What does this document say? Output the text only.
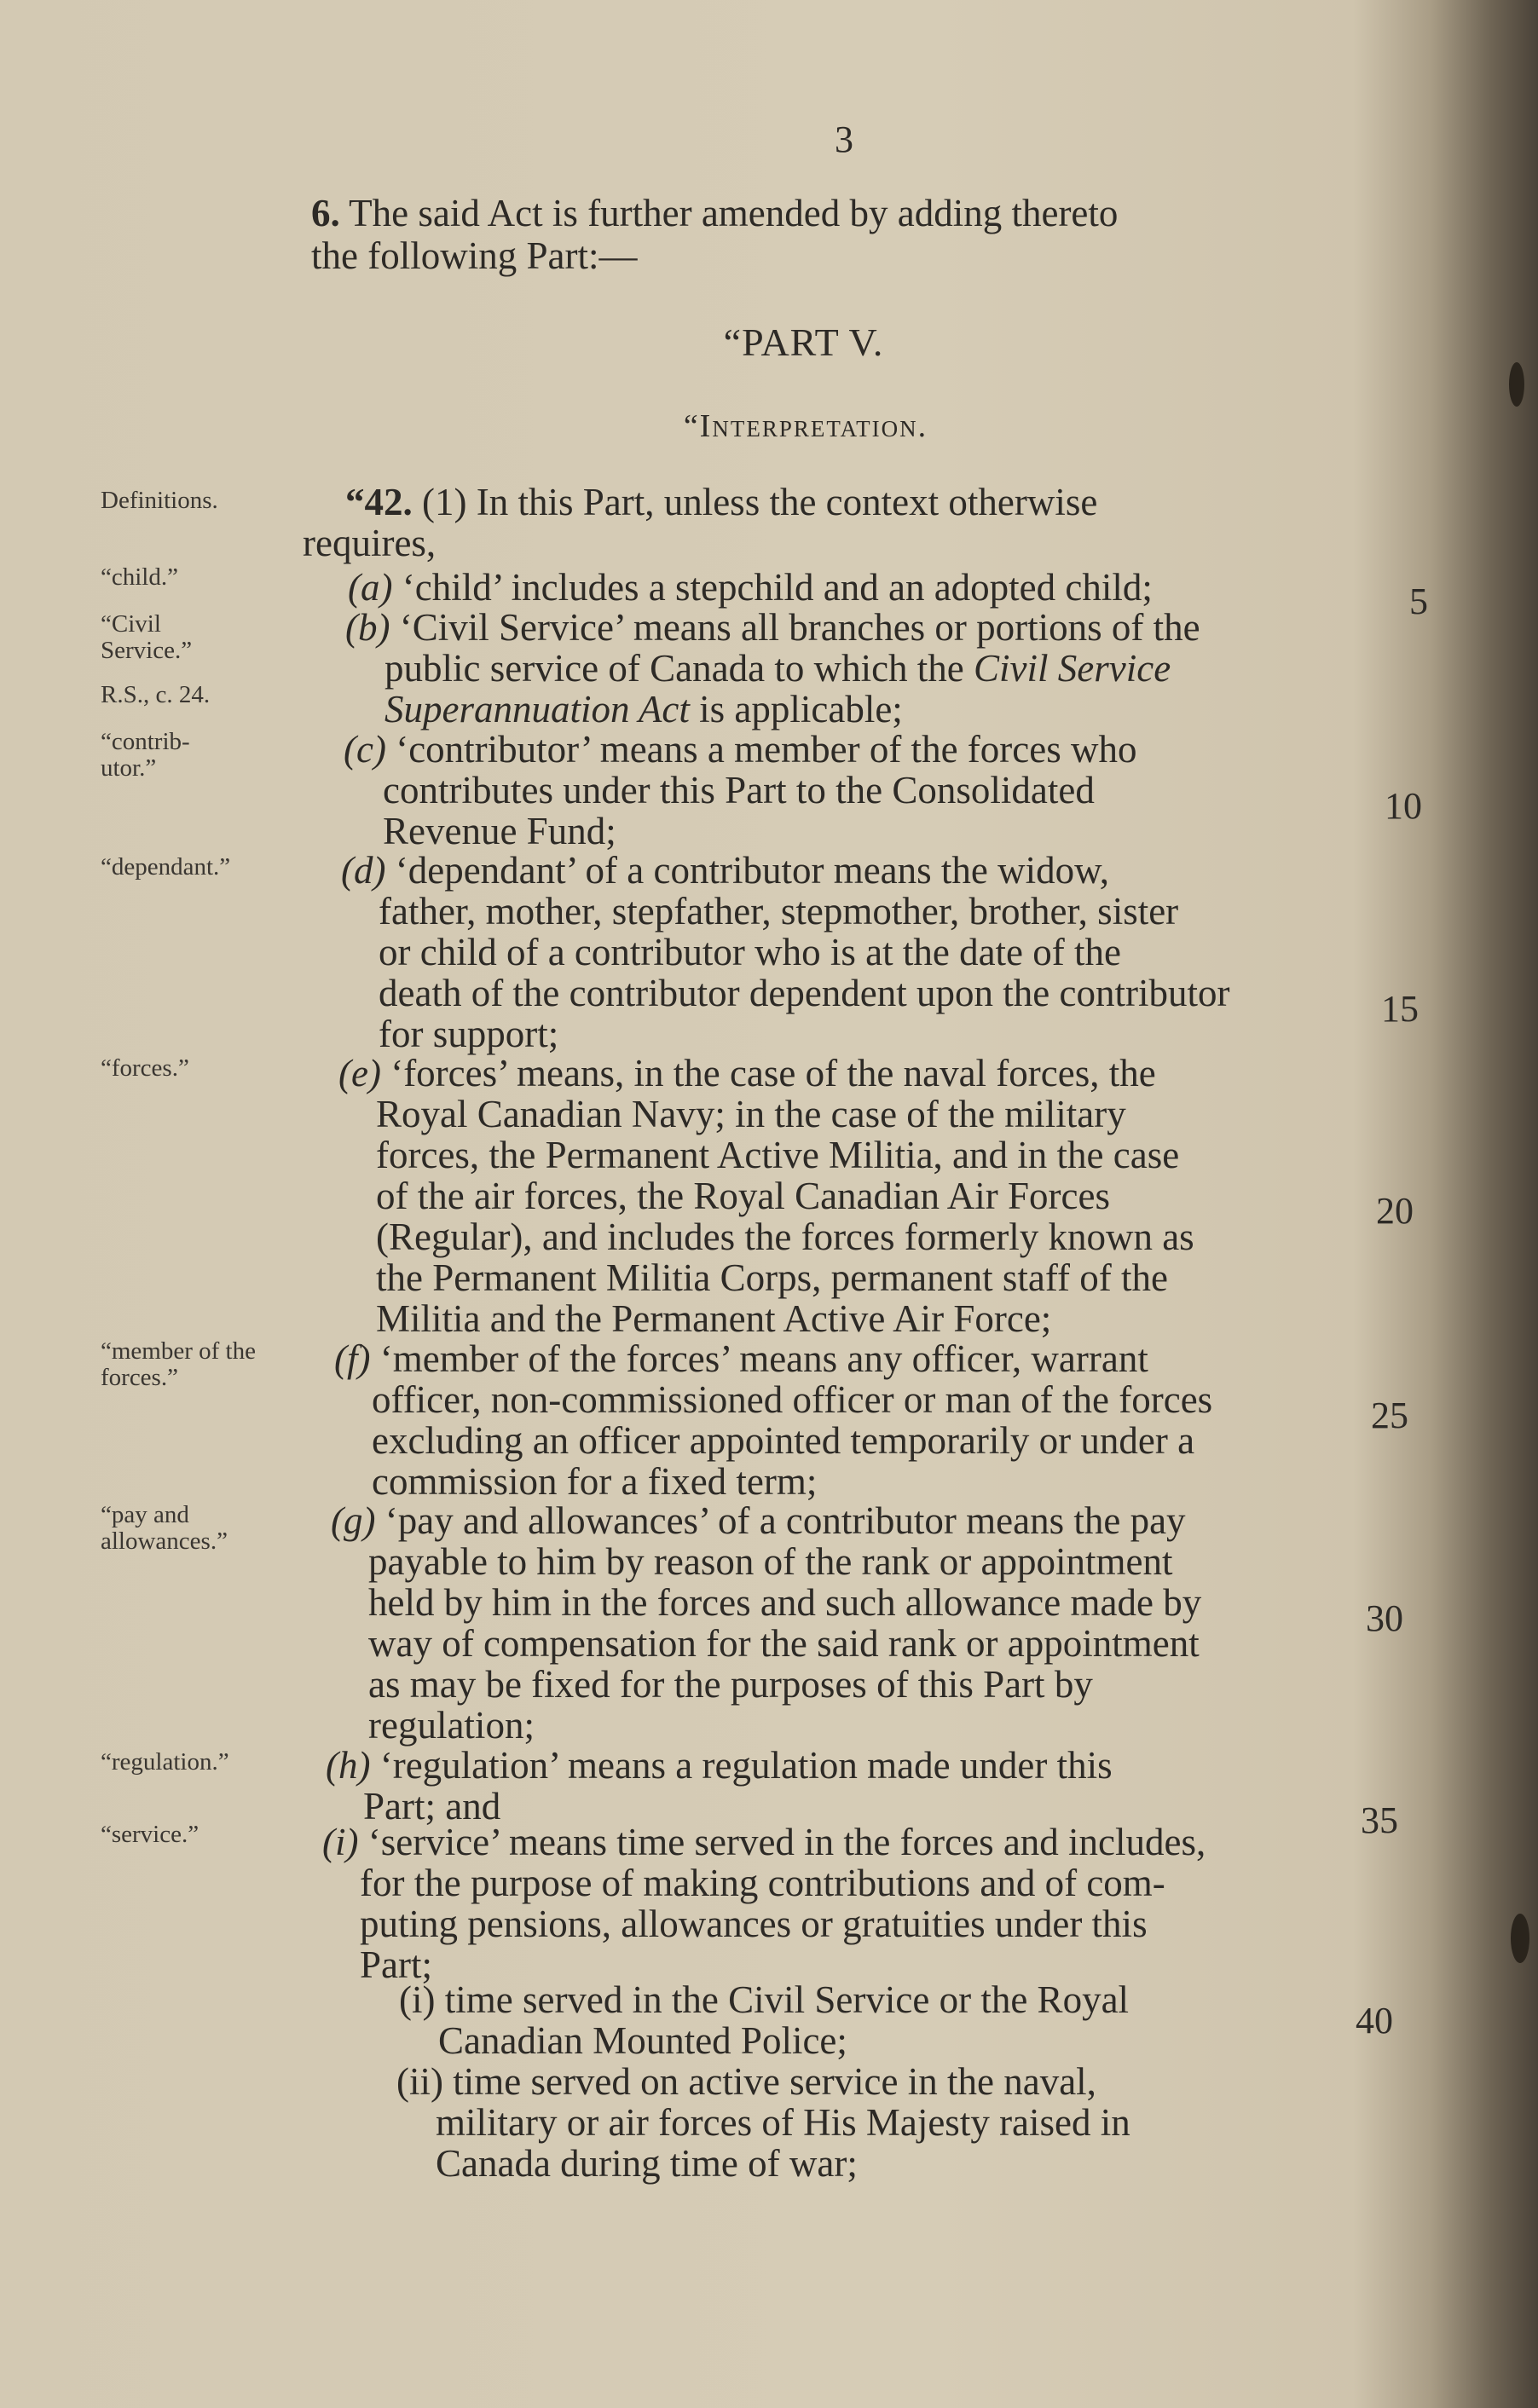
3

6. The said Act is further amended by adding thereto

the following Part:—

“PART V.
“Interpretation.
Definitions.
“child.”
“Civil Service.”
R.S., c. 24.
“contrib-utor.”
“dependant.”
“forces.”
“member of the forces.”
“pay and allowances.”
“regulation.”
“service.”

“42. (1) In this Part, unless the context otherwise

requires,

(a) ‘child’ includes a stepchild and an adopted child;

(b) ‘Civil Service’ means all branches or portions of the

public service of Canada to which the Civil Service

Superannuation Act is applicable;

(c) ‘contributor’ means a member of the forces who

contributes under this Part to the Consolidated

Revenue Fund;

(d) ‘dependant’ of a contributor means the widow,

father, mother, stepfather, stepmother, brother, sister

or child of a contributor who is at the date of the

death of the contributor dependent upon the contributor

for support;

(e) ‘forces’ means, in the case of the naval forces, the

Royal Canadian Navy; in the case of the military

forces, the Permanent Active Militia, and in the case

of the air forces, the Royal Canadian Air Forces

(Regular), and includes the forces formerly known as

the Permanent Militia Corps, permanent staff of the

Militia and the Permanent Active Air Force;

(f) ‘member of the forces’ means any officer, warrant

officer, non-commissioned officer or man of the forces

excluding an officer appointed temporarily or under a

commission for a fixed term;

(g) ‘pay and allowances’ of a contributor means the pay

payable to him by reason of the rank or appointment

held by him in the forces and such allowance made by

way of compensation for the said rank or appointment

as may be fixed for the purposes of this Part by

regulation;

(h) ‘regulation’ means a regulation made under this

Part; and

(i) ‘service’ means time served in the forces and includes,

for the purpose of making contributions and of com-

puting pensions, allowances or gratuities under this

Part;

(i) time served in the Civil Service or the Royal

Canadian Mounted Police;

(ii) time served on active service in the naval,

military or air forces of His Majesty raised in

Canada during time of war;

5
10
15
20
25
30
35
40
